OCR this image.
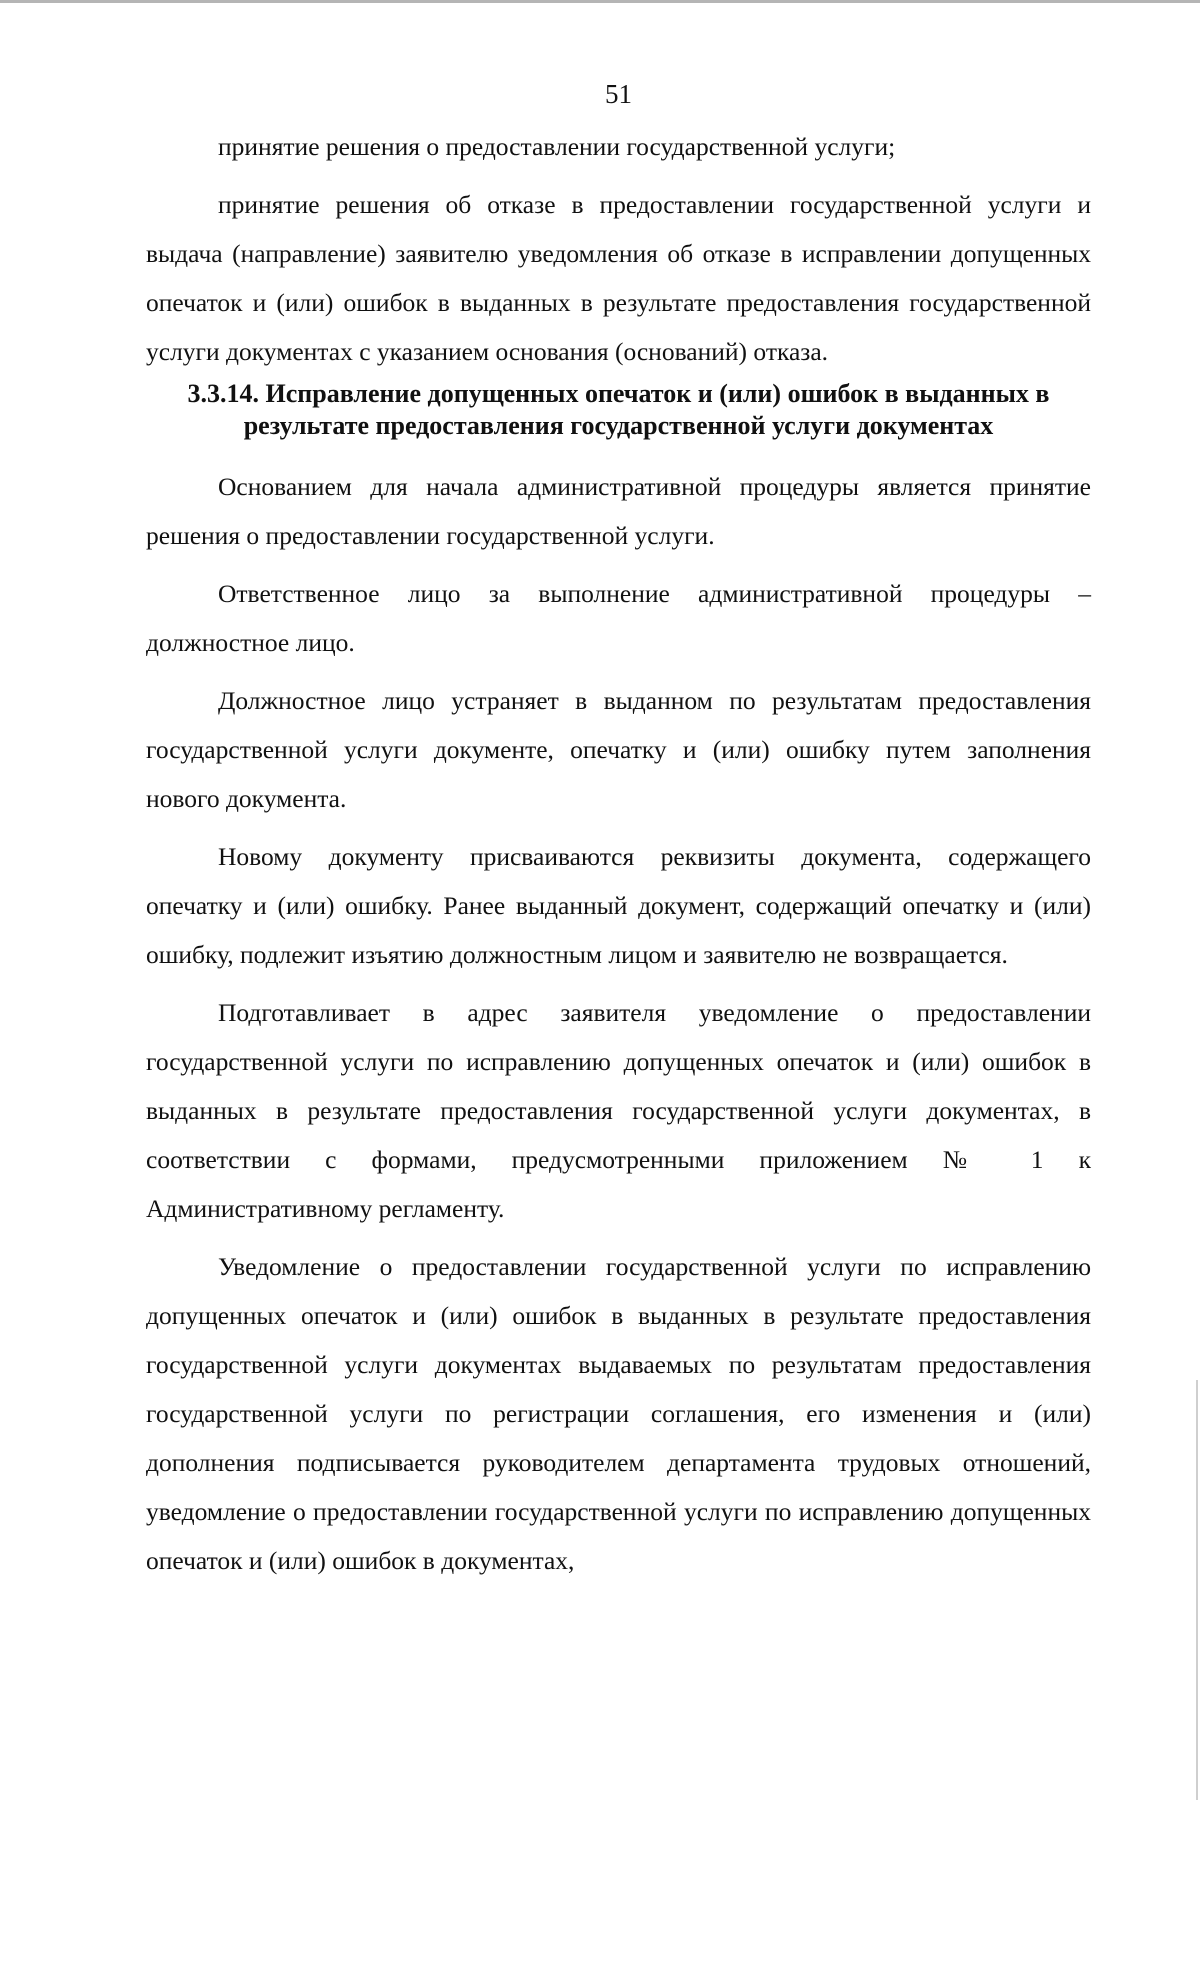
51

принятие решения о предоставлении государственной услуги;

принятие решения об отказе в предоставлении государственной услуги и выдача (направление) заявителю уведомления об отказе в исправлении допущенных опечаток и (или) ошибок в выданных в результате предоставления государственной услуги документах с указанием основания (оснований) отказа.

3.3.14. Исправление допущенных опечаток и (или) ошибок в выданных в результате предоставления государственной услуги документах

Основанием для начала административной процедуры является принятие решения о предоставлении государственной услуги.

Ответственное лицо за выполнение административной процедуры – должностное лицо.

Должностное лицо устраняет в выданном по результатам предоставления государственной услуги документе, опечатку и (или) ошибку путем заполнения нового документа.

Новому документу присваиваются реквизиты документа, содержащего опечатку и (или) ошибку. Ранее выданный документ, содержащий опечатку и (или) ошибку, подлежит изъятию должностным лицом и заявителю не возвращается.

Подготавливает в адрес заявителя уведомление о предоставлении государственной услуги по исправлению допущенных опечаток и (или) ошибок в выданных в результате предоставления государственной услуги документах, в соответствии с формами, предусмотренными приложением № 1 к Административному регламенту.

Уведомление о предоставлении государственной услуги по исправлению допущенных опечаток и (или) ошибок в выданных в результате предоставления государственной услуги документах выдаваемых по результатам предоставления государственной услуги по регистрации соглашения, его изменения и (или) дополнения подписывается руководителем департамента трудовых отношений, уведомление о предоставлении государственной услуги по исправлению допущенных опечаток и (или) ошибок в документах,
